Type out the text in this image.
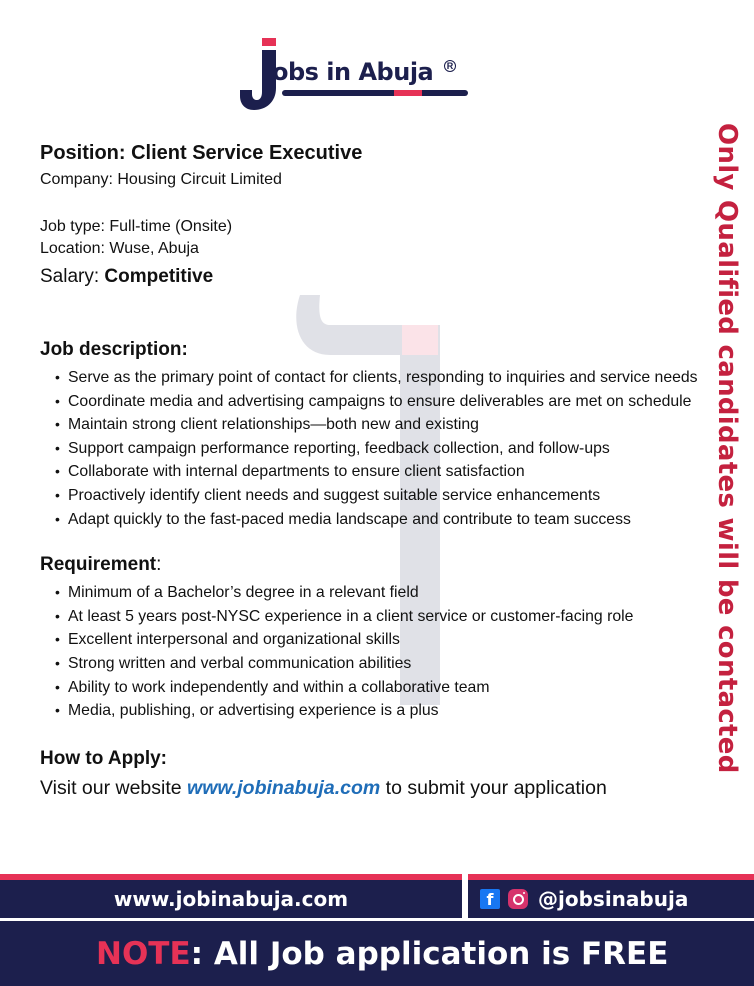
obs in Abuja	R
Only Qualified candidates will be contacted

Position: Client Service Executive

Company: Housing Circuit Limited

Job type: Full-time (Onsite)

Location: Wuse, Abuja

Salary: Competitive

Job description:

• Serve as the primary point of contact for clients, responding to inquiries and service needs
• Coordinate media and advertising campaigns to ensure deliverables are met on schedule
• Maintain strong client relationships—both new and existing
• Support campaign performance reporting, feedback collection, and follow-ups
• Collaborate with internal departments to ensure client satisfaction
• Proactively identify client needs and suggest suitable service enhancements
• Adapt quickly to the fast-paced media landscape and contribute to team success

Requirement:

• Minimum of a Bachelor’s degree in a relevant field
• At least 5 years post-NYSC experience in a client service or customer-facing role
• Excellent interpersonal and organizational skills
• Strong written and verbal communication abilities
• Ability to work independently and within a collaborative team
• Media, publishing, or advertising experience is a plus

How to Apply:

Visit our website www.jobinabuja.com to submit your application

www.jobinabuja.com	f	@jobsinabuja
NOTE : All Job application is FREE
